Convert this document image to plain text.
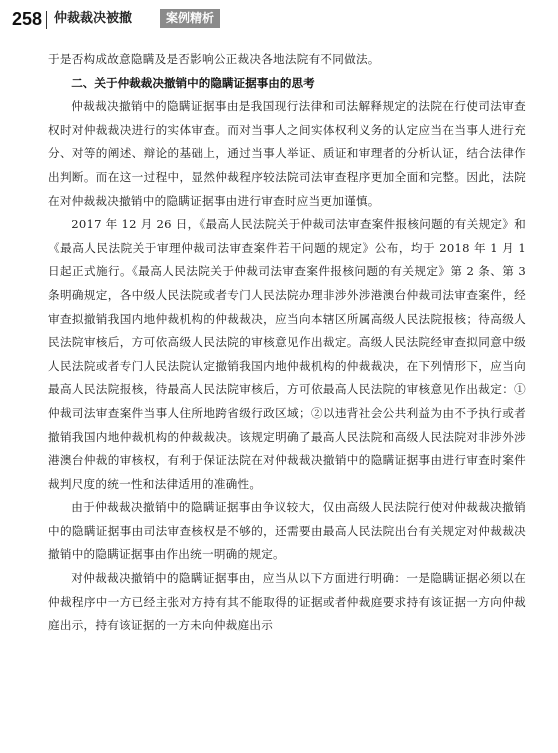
258 仲裁裁决被撤	案例精析

于是否构成故意隐瞒及是否影响公正裁决各地法院有不同做法。

二、关于仲裁裁决撤销中的隐瞒证据事由的思考

仲裁裁决撤销中的隐瞒证据事由是我国现行法律和司法解释规定的法院在行使司法审查权时对仲裁裁决进行的实体审查。而对当事人之间实体权利义务的认定应当在当事人进行充分、对等的阐述、辩论的基础上，通过当事人举证、质证和审理者的分析认证，结合法律作出判断。而在这一过程中，显然仲裁程序较法院司法审查程序更加全面和完整。因此，法院在对仲裁裁决撤销中的隐瞒证据事由进行审查时应当更加谨慎。

2017 年 12 月 26 日，《最高人民法院关于仲裁司法审查案件报核问题的有关规定》和《最高人民法院关于审理仲裁司法审查案件若干问题的规定》公布，均于 2018 年 1 月 1 日起正式施行。《最高人民法院关于仲裁司法审查案件报核问题的有关规定》第 2 条、第 3 条明确规定，各中级人民法院或者专门人民法院办理非涉外涉港澳台仲裁司法审查案件，经审查拟撤销我国内地仲裁机构的仲裁裁决，应当向本辖区所属高级人民法院报核；待高级人民法院审核后，方可依高级人民法院的审核意见作出裁定。高级人民法院经审查拟同意中级人民法院或者专门人民法院认定撤销我国内地仲裁机构的仲裁裁决，在下列情形下，应当向最高人民法院报核，待最高人民法院审核后，方可依最高人民法院的审核意见作出裁定：①仲裁司法审查案件当事人住所地跨省级行政区域；②以违背社会公共利益为由不予执行或者撤销我国内地仲裁机构的仲裁裁决。该规定明确了最高人民法院和高级人民法院对非涉外涉港澳台仲裁的审核权，有利于保证法院在对仲裁裁决撤销中的隐瞒证据事由进行审查时案件裁判尺度的统一性和法律适用的准确性。

由于仲裁裁决撤销中的隐瞒证据事由争议较大，仅由高级人民法院行使对仲裁裁决撤销中的隐瞒证据事由司法审查核权是不够的，还需要由最高人民法院出台有关规定对仲裁裁决撤销中的隐瞒证据事由作出统一明确的规定。

对仲裁裁决撤销中的隐瞒证据事由，应当从以下方面进行明确：一是隐瞒证据必须以在仲裁程序中一方已经主张对方持有其不能取得的证据或者仲裁庭要求持有该证据一方向仲裁庭出示，持有该证据的一方未向仲裁庭出示
